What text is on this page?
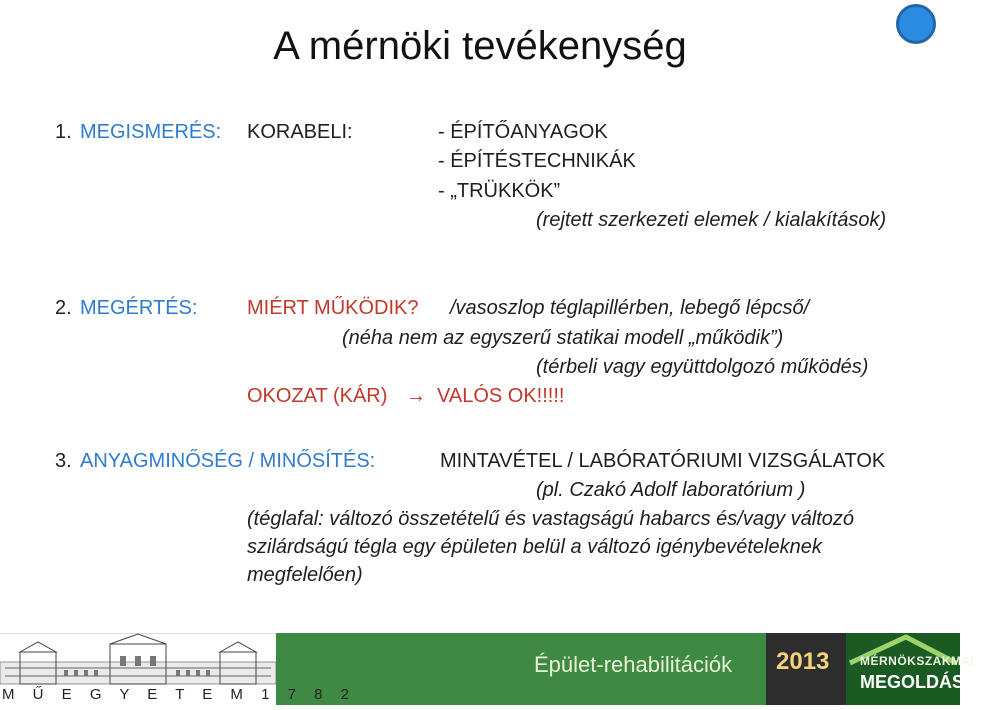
A mérnöki tevékenység
1. MEGISMERÉS: KORABELI:	- ÉPÍTŐANYAGOK
- ÉPÍTÉSTECHNIKÁK
- „TRÜKKÖK”
(rejtett szerkezeti elemek / kialakítások)
2. MEGÉRTÉS: MIÉRT MŰKÖDIK? /vasoszlop téglapillérben, lebegő lépcső/
(néha nem az egyszerű statikai modell „működik”)
(térbeli vagy együttdolgozó működés)
OKOZAT (KÁR) → VALÓS OK!!!!!
3. ANYAGMINŐSÉG / MINŐSÍTÉS:	MINTAVÉTEL / LABÓRATÓRIUMI VIZSGÁLATOK
(pl. Czakó Adolf laboratórium )
(téglafal: változó összetételű és vastagságú habarcs és/vagy változó
szilárdságú tégla egy épületen belül a változó igénybevételeknek
megfelelően)
M Ű E G Y E T E M 1 7 8 2
Épület-rehabilitációk 2013	MÉRNÖKSZAKMAI
MEGOLDÁSOK
